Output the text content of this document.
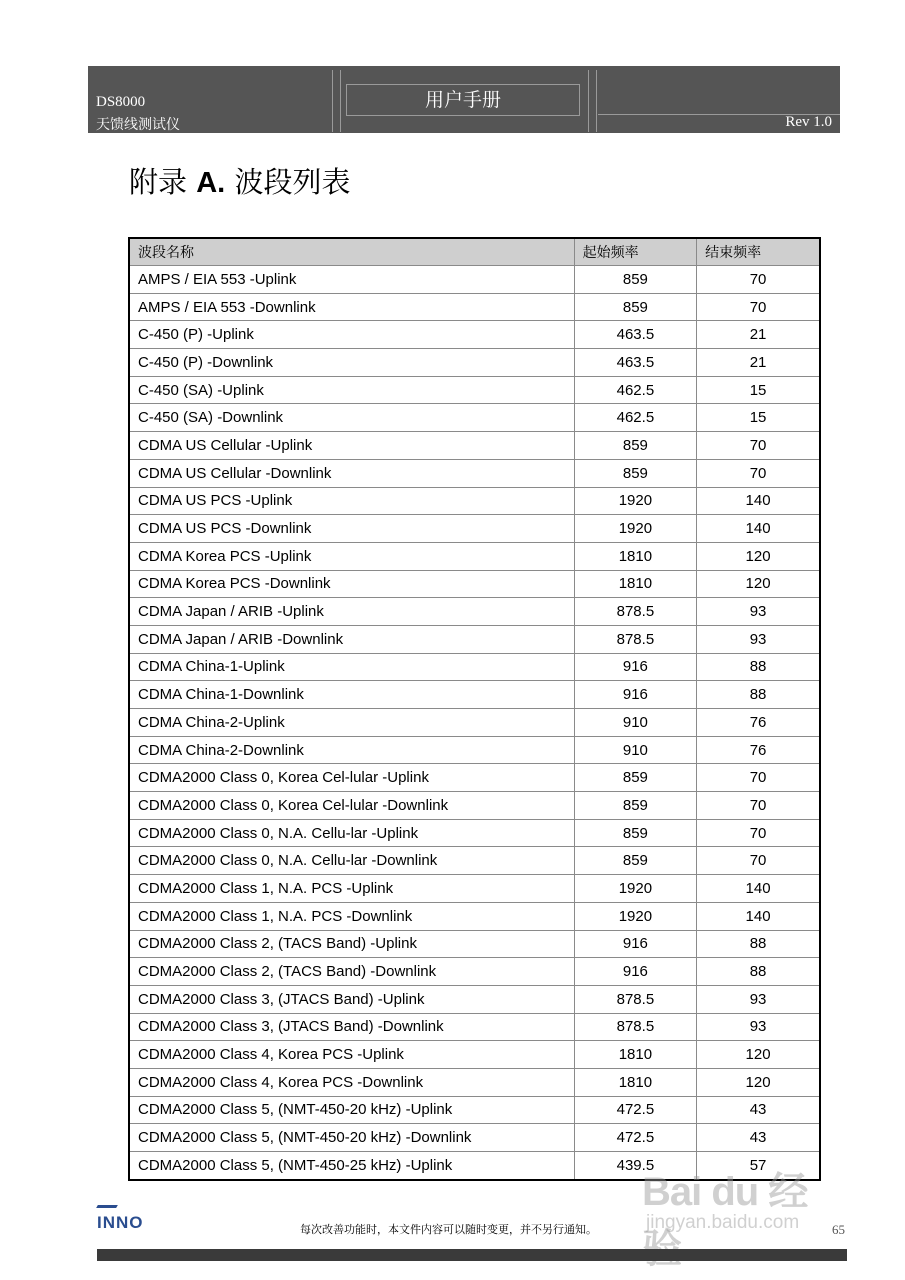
DS8000
天馈线测试仪
用户手册
Rev 1.0
附录 A. 波段列表
波段名称	起始频率	结束频率
AMPS / EIA 553 -Uplink	859	70
AMPS / EIA 553 -Downlink	859	70
C-450 (P) -Uplink	463.5	21
C-450 (P) -Downlink	463.5	21
C-450 (SA) -Uplink	462.5	15
C-450 (SA) -Downlink	462.5	15
CDMA US Cellular -Uplink	859	70
CDMA US Cellular -Downlink	859	70
CDMA US PCS -Uplink	1920	140
CDMA US PCS -Downlink	1920	140
CDMA Korea PCS -Uplink	1810	120
CDMA Korea PCS -Downlink	1810	120
CDMA Japan / ARIB -Uplink	878.5	93
CDMA Japan / ARIB -Downlink	878.5	93
CDMA China-1-Uplink	916	88
CDMA China-1-Downlink	916	88
CDMA China-2-Uplink	910	76
CDMA China-2-Downlink	910	76
CDMA2000 Class 0, Korea Cel-lular -Uplink	859	70
CDMA2000 Class 0, Korea Cel-lular -Downlink	859	70
CDMA2000 Class 0, N.A. Cellu-lar -Uplink	859	70
CDMA2000 Class 0, N.A. Cellu-lar -Downlink	859	70
CDMA2000 Class 1, N.A. PCS -Uplink	1920	140
CDMA2000 Class 1, N.A. PCS -Downlink	1920	140
CDMA2000 Class 2, (TACS Band) -Uplink	916	88
CDMA2000 Class 2, (TACS Band) -Downlink	916	88
CDMA2000 Class 3, (JTACS Band) -Uplink	878.5	93
CDMA2000 Class 3, (JTACS Band) -Downlink	878.5	93
CDMA2000 Class 4, Korea PCS -Uplink	1810	120
CDMA2000 Class 4, Korea PCS -Downlink	1810	120
CDMA2000 Class 5, (NMT-450-20 kHz) -Uplink	472.5	43
CDMA2000 Class 5, (NMT-450-20 kHz) -Downlink	472.5	43
CDMA2000 Class 5, (NMT-450-25 kHz) -Uplink	439.5	57
Bai du 经
jingyan.baidu.com
INNO	每次改善功能时，本文件内容可以随时变更，并不另行通知。	65
